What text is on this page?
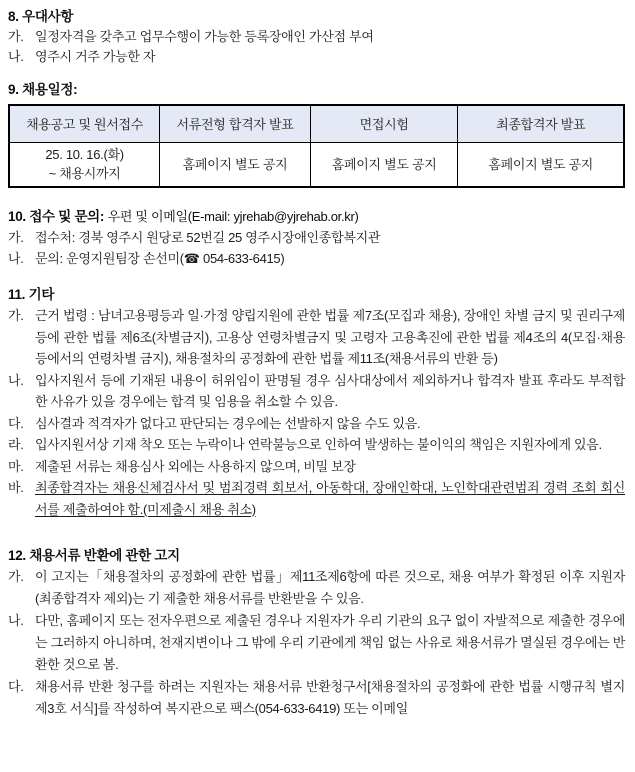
8. 우대사항
가. 일정자격을 갖추고 업무수행이 가능한 등록장애인 가산점 부여
나. 영주시 거주 가능한 자
9. 채용일정:
채용공고 및 원서접수	서류전형 합격자 발표	면접시험	최종합격자 발표

25. 10. 16.(화)
~ 채용시까지	홈페이지 별도 공지	홈페이지 별도 공지	홈페이지 별도 공지
10. 접수 및 문의: 우편 및 이메일(E-mail: yjrehab@yjrehab.or.kr)
가. 접수처: 경북 영주시 원당로 52번길 25 영주시장애인종합복지관
나. 문의: 운영지원팀장 손선미(☎ 054-633-6415)
11. 기타
가. 근거 법령 : 남녀고용평등과 일·가정 양립지원에 관한 법률 제7조(모집과 채용), 장애인 차별 금지 및 권리구제 등에 관한 법률 제6조(차별금지), 고용상 연령차별금지 및 고령자 고용촉진에 관한 법률 제4조의 4(모집·채용 등에서의 연령차별 금지), 채용절차의 공정화에 관한 법률 제11조(채용서류의 반환 등)
나. 입사지원서 등에 기재된 내용이 허위임이 판명될 경우 심사대상에서 제외하거나 합격자 발표 후라도 부적합한 사유가 있을 경우에는 합격 및 임용을 취소할 수 있음.
다. 심사결과 적격자가 없다고 판단되는 경우에는 선발하지 않을 수도 있음.
라. 입사지원서상 기재 착오 또는 누락이나 연락불능으로 인하여 발생하는 불이익의 책임은 지원자에게 있음.
마. 제출된 서류는 채용심사 외에는 사용하지 않으며, 비밀 보장
바. 최종합격자는 채용신체검사서 및 범죄경력 회보서, 아동학대, 장애인학대, 노인학대관련범죄 경력 조회 회신서를 제출하여야 함.(미제출시 채용 취소)
12. 채용서류 반환에 관한 고지
가. 이 고지는「채용절차의 공정화에 관한 법률」제11조제6항에 따른 것으로, 채용 여부가 확정된 이후 지원자(최종합격자 제외)는 기 제출한 채용서류를 반환받을 수 있음.
나. 다만, 홈페이지 또는 전자우편으로 제출된 경우나 지원자가 우리 기관의 요구 없이 자발적으로 제출한 경우에는 그러하지 아니하며, 천재지변이나 그 밖에 우리 기관에게 책임 없는 사유로 채용서류가 멸실된 경우에는 반환한 것으로 봄.
다. 채용서류 반환 청구를 하려는 지원자는 채용서류 반환청구서[채용절차의 공정화에 관한 법률 시행규칙 별지 제3호 서식]를 작성하여 복지관으로 팩스(054-633-6419) 또는 이메일
